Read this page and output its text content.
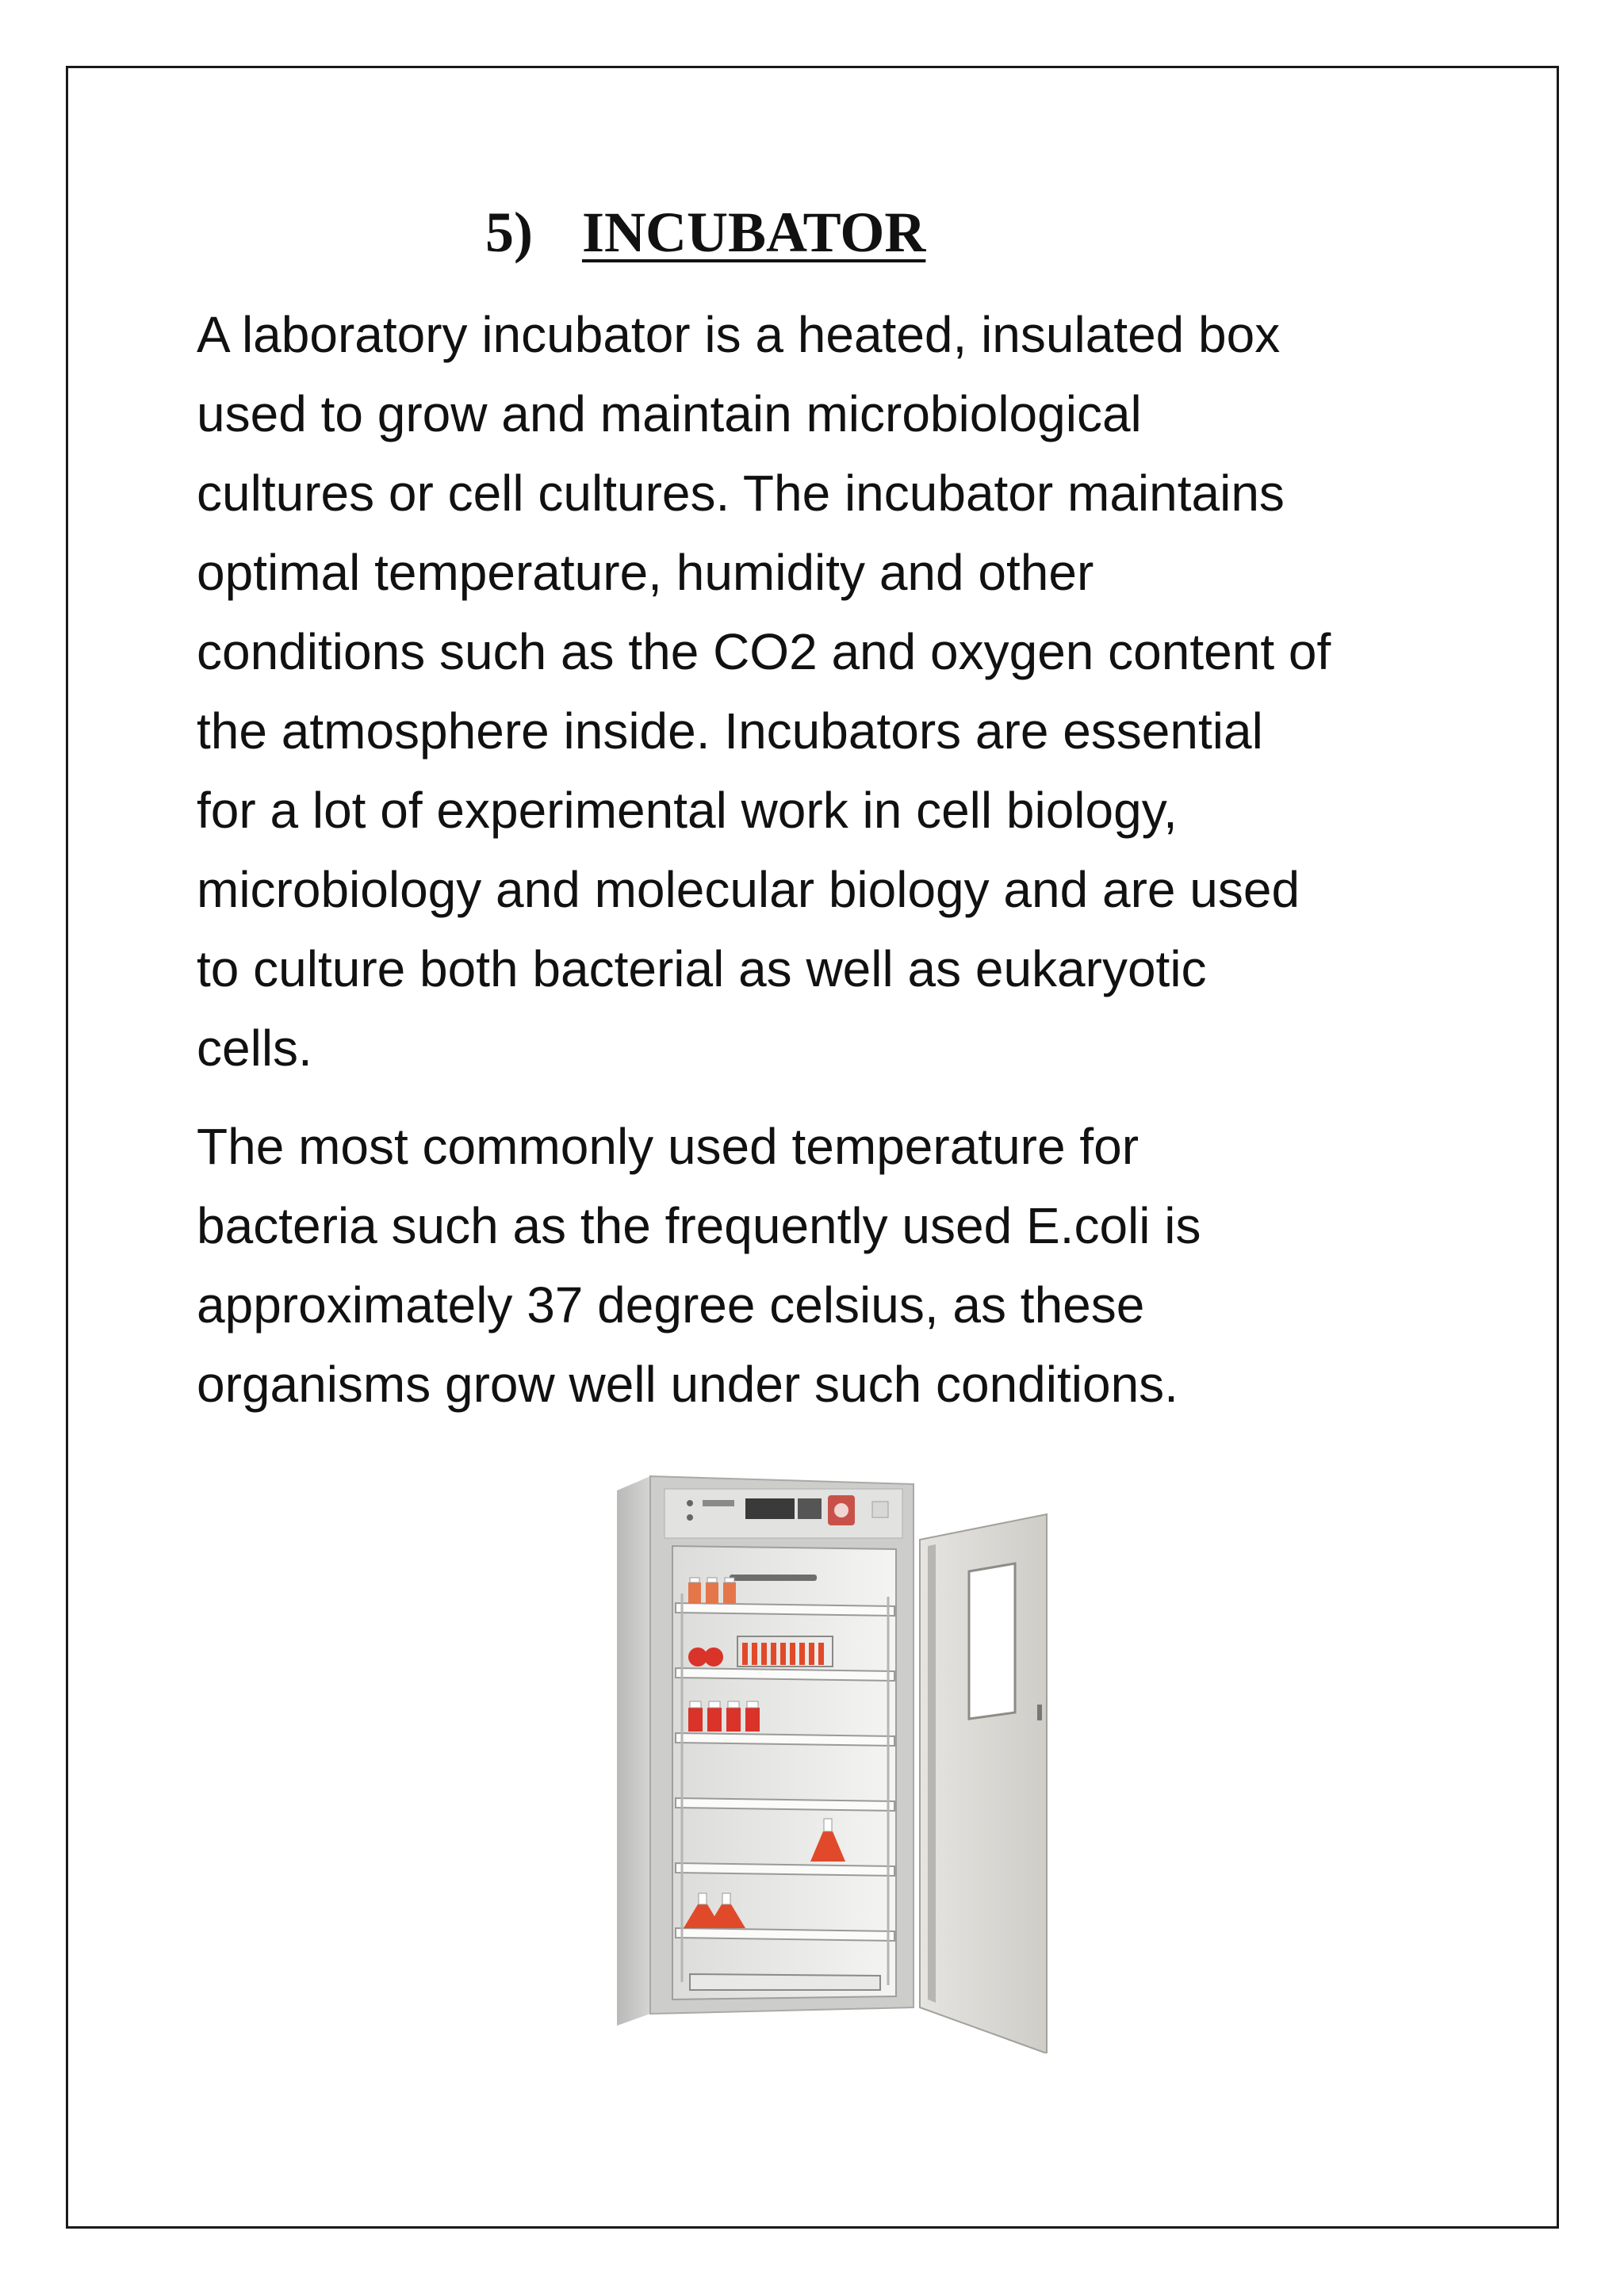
5) INCUBATOR

A laboratory incubator is a heated, insulated box
used to grow and maintain microbiological
cultures or cell cultures. The incubator maintains
optimal temperature, humidity and other
conditions such as the CO2 and oxygen content of
the atmosphere inside. Incubators are essential
for a lot of experimental work in cell biology,
microbiology and molecular biology and are used
to culture both bacterial as well as eukaryotic
cells.

The most commonly used temperature for
bacteria such as the frequently used E.coli is
approximately 37 degree celsius, as these
organisms grow well under such conditions.
